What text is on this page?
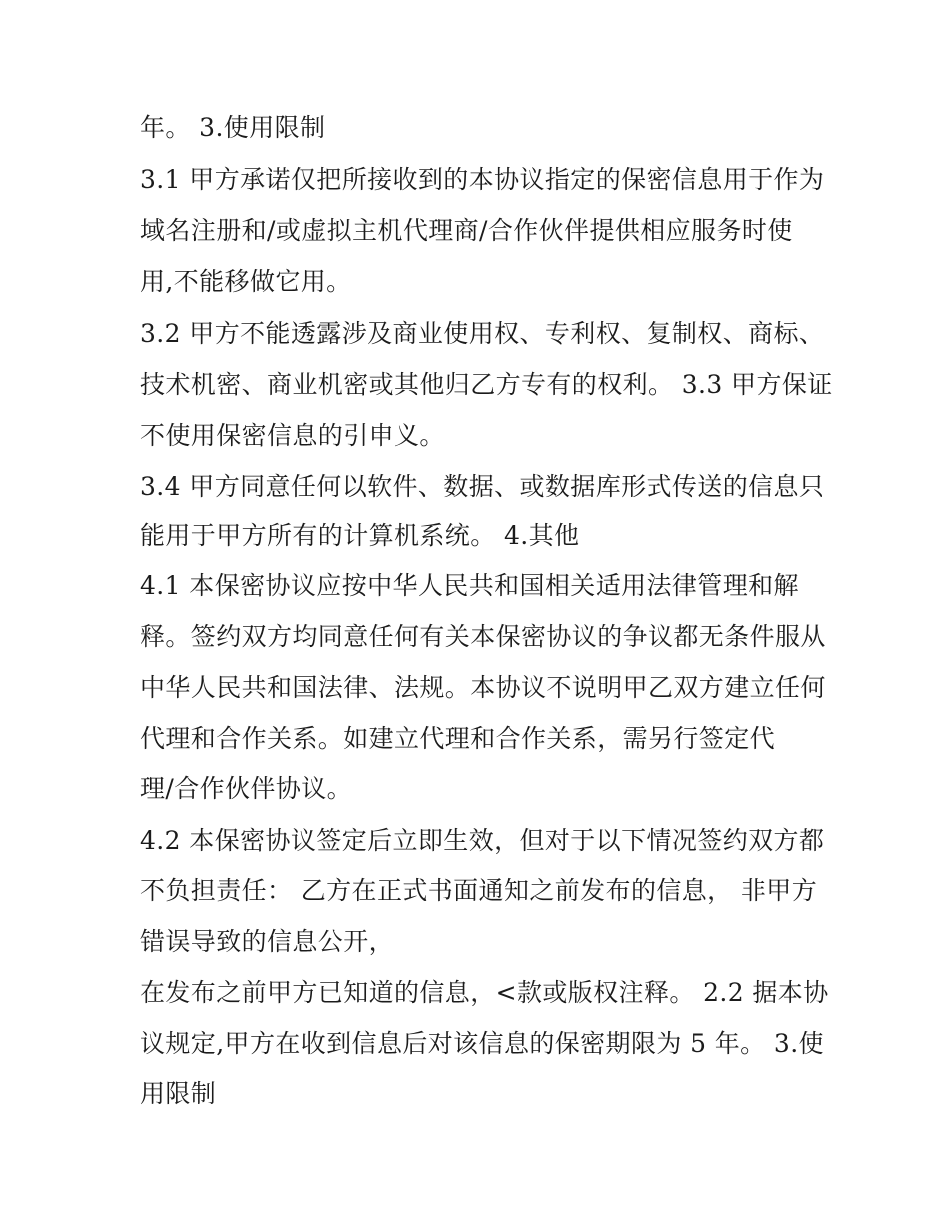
年。 3.使用限制
3.1 甲方承诺仅把所接收到的本协议指定的保密信息用于作为
域名注册和/或虚拟主机代理商/合作伙伴提供相应服务时使
用,不能移做它用。
3.2 甲方不能透露涉及商业使用权、专利权、复制权、商标、
技术机密、商业机密或其他归乙方专有的权利。 3.3 甲方保证
不使用保密信息的引申义。
3.4 甲方同意任何以软件、数据、或数据库形式传送的信息只
能用于甲方所有的计算机系统。 4.其他
4.1 本保密协议应按中华人民共和国相关适用法律管理和解
释。签约双方均同意任何有关本保密协议的争议都无条件服从
中华人民共和国法律、法规。本协议不说明甲乙双方建立任何
代理和合作关系。如建立代理和合作关系，需另行签定代
理/合作伙伴协议。
4.2 本保密协议签定后立即生效，但对于以下情况签约双方都
不负担责任： 乙方在正式书面通知之前发布的信息， 非甲方
错误导致的信息公开，
在发布之前甲方已知道的信息，<款或版权注释。 2.2 据本协
议规定,甲方在收到信息后对该信息的保密期限为 5 年。 3.使
用限制
